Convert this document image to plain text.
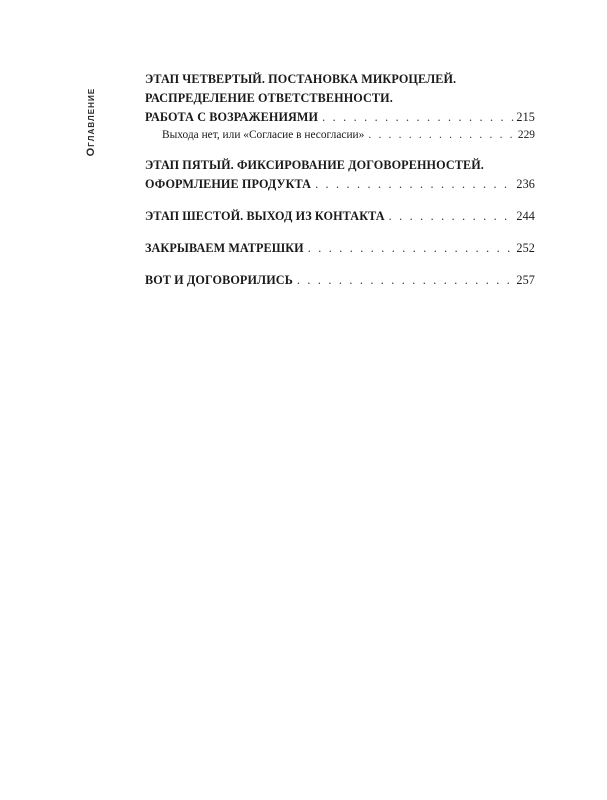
Оглавление
ЭТАП ЧЕТВЕРТЫЙ. ПОСТАНОВКА МИКРОЦЕЛЕЙ.
РАСПРЕДЕЛЕНИЕ ОТВЕТСТВЕННОСТИ.
РАБОТА С ВОЗРАЖЕНИЯМИ . . .	215
Выхода нет, или «Согласие в несогласии» . . .	229
ЭТАП ПЯТЫЙ. ФИКСИРОВАНИЕ ДОГОВОРЕННОСТЕЙ.
ОФОРМЛЕНИЕ ПРОДУКТА . . .	236
ЭТАП ШЕСТОЙ. ВЫХОД ИЗ КОНТАКТА . . .	244
ЗАКРЫВАЕМ МАТРЕШКИ . . .	252
ВОТ И ДОГОВОРИЛИСЬ . . .	257
